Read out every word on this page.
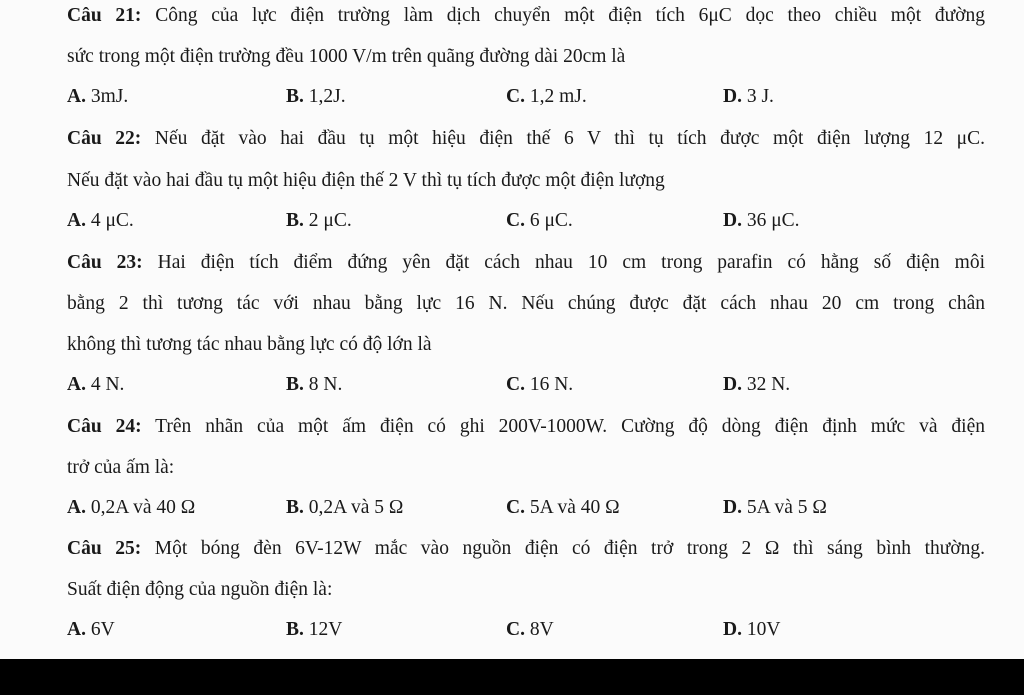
Câu 21: Công của lực điện trường làm dịch chuyển một điện tích 6μC dọc theo chiều một đường
sức trong một điện trường đều 1000 V/m trên quãng đường dài 20cm là
A. 3mJ.	B. 1,2J.	C. 1,2 mJ.	D. 3 J.
Câu 22: Nếu đặt vào hai đầu tụ một hiệu điện thế 6 V thì tụ tích được một điện lượng 12 μC.
Nếu đặt vào hai đầu tụ một hiệu điện thế 2 V thì tụ tích được một điện lượng
A. 4 μC.	B. 2 μC.	C. 6 μC.	D. 36 μC.
Câu 23: Hai điện tích điểm đứng yên đặt cách nhau 10 cm trong parafin có hằng số điện môi
bằng 2 thì tương tác với nhau bằng lực 16 N. Nếu chúng được đặt cách nhau 20 cm trong chân
không thì tương tác nhau bằng lực có độ lớn là
A. 4 N.	B. 8 N.	C. 16 N.	D. 32 N.
Câu 24: Trên nhãn của một ấm điện có ghi 200V-1000W. Cường độ dòng điện định mức và điện
trở của ấm là:
A. 0,2A và 40 Ω	B. 0,2A và 5 Ω	C. 5A và 40 Ω	D. 5A và 5 Ω
Câu 25: Một bóng đèn 6V-12W mắc vào nguồn điện có điện trở trong 2 Ω thì sáng bình thường.
Suất điện động của nguồn điện là:
A. 6V	B. 12V	C. 8V	D. 10V
